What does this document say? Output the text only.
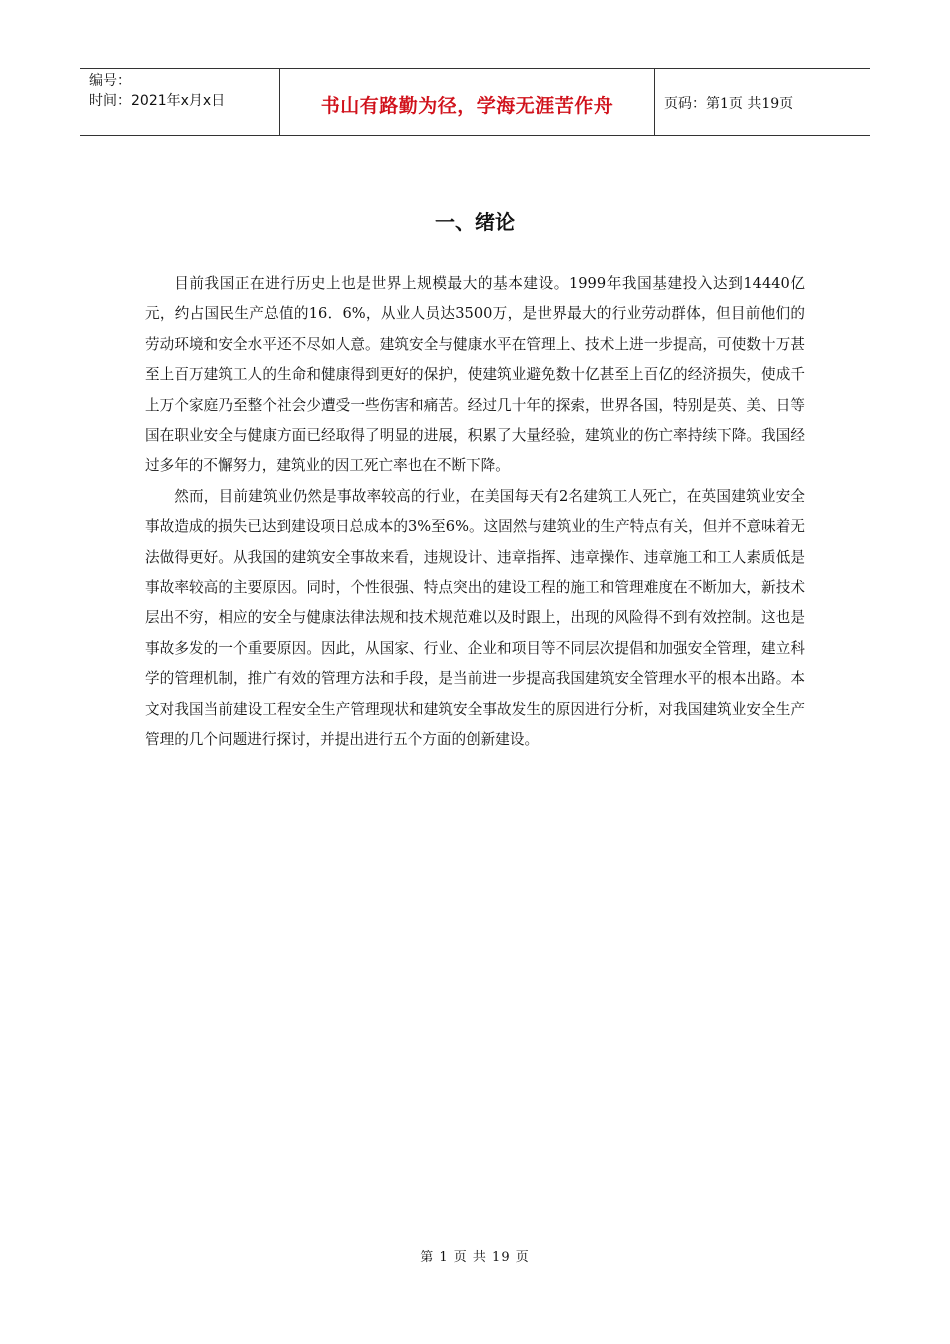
编号：
时间：2021年x月x日	书山有路勤为径，学海无涯苦作舟	页码：第1页 共19页
一、绪论

目前我国正在进行历史上也是世界上规模最大的基本建设。1999年我国基建投入达到14440亿元，约占国民生产总值的16．6%，从业人员达3500万，是世界最大的行业劳动群体，但目前他们的劳动环境和安全水平还不尽如人意。建筑安全与健康水平在管理上、技术上进一步提高，可使数十万甚至上百万建筑工人的生命和健康得到更好的保护，使建筑业避免数十亿甚至上百亿的经济损失，使成千上万个家庭乃至整个社会少遭受一些伤害和痛苦。经过几十年的探索，世界各国，特别是英、美、日等国在职业安全与健康方面已经取得了明显的进展，积累了大量经验，建筑业的伤亡率持续下降。我国经过多年的不懈努力，建筑业的因工死亡率也在不断下降。

然而，目前建筑业仍然是事故率较高的行业，在美国每天有2名建筑工人死亡，在英国建筑业安全事故造成的损失已达到建设项日总成本的3%至6%。这固然与建筑业的生产特点有关，但并不意味着无法做得更好。从我国的建筑安全事故来看，违规设计、违章指挥、违章操作、违章施工和工人素质低是事故率较高的主要原因。同时，个性很强、特点突出的建设工程的施工和管理难度在不断加大，新技术层出不穷，相应的安全与健康法律法规和技术规范难以及时跟上，出现的风险得不到有效控制。这也是事故多发的一个重要原因。因此，从国家、行业、企业和项目等不同层次提倡和加强安全管理，建立科学的管理机制，推广有效的管理方法和手段，是当前进一步提高我国建筑安全管理水平的根本出路。本文对我国当前建设工程安全生产管理现状和建筑安全事故发生的原因进行分析，对我国建筑业安全生产管理的几个问题进行探讨，并提出进行五个方面的创新建设。

第 1 页 共 19 页
